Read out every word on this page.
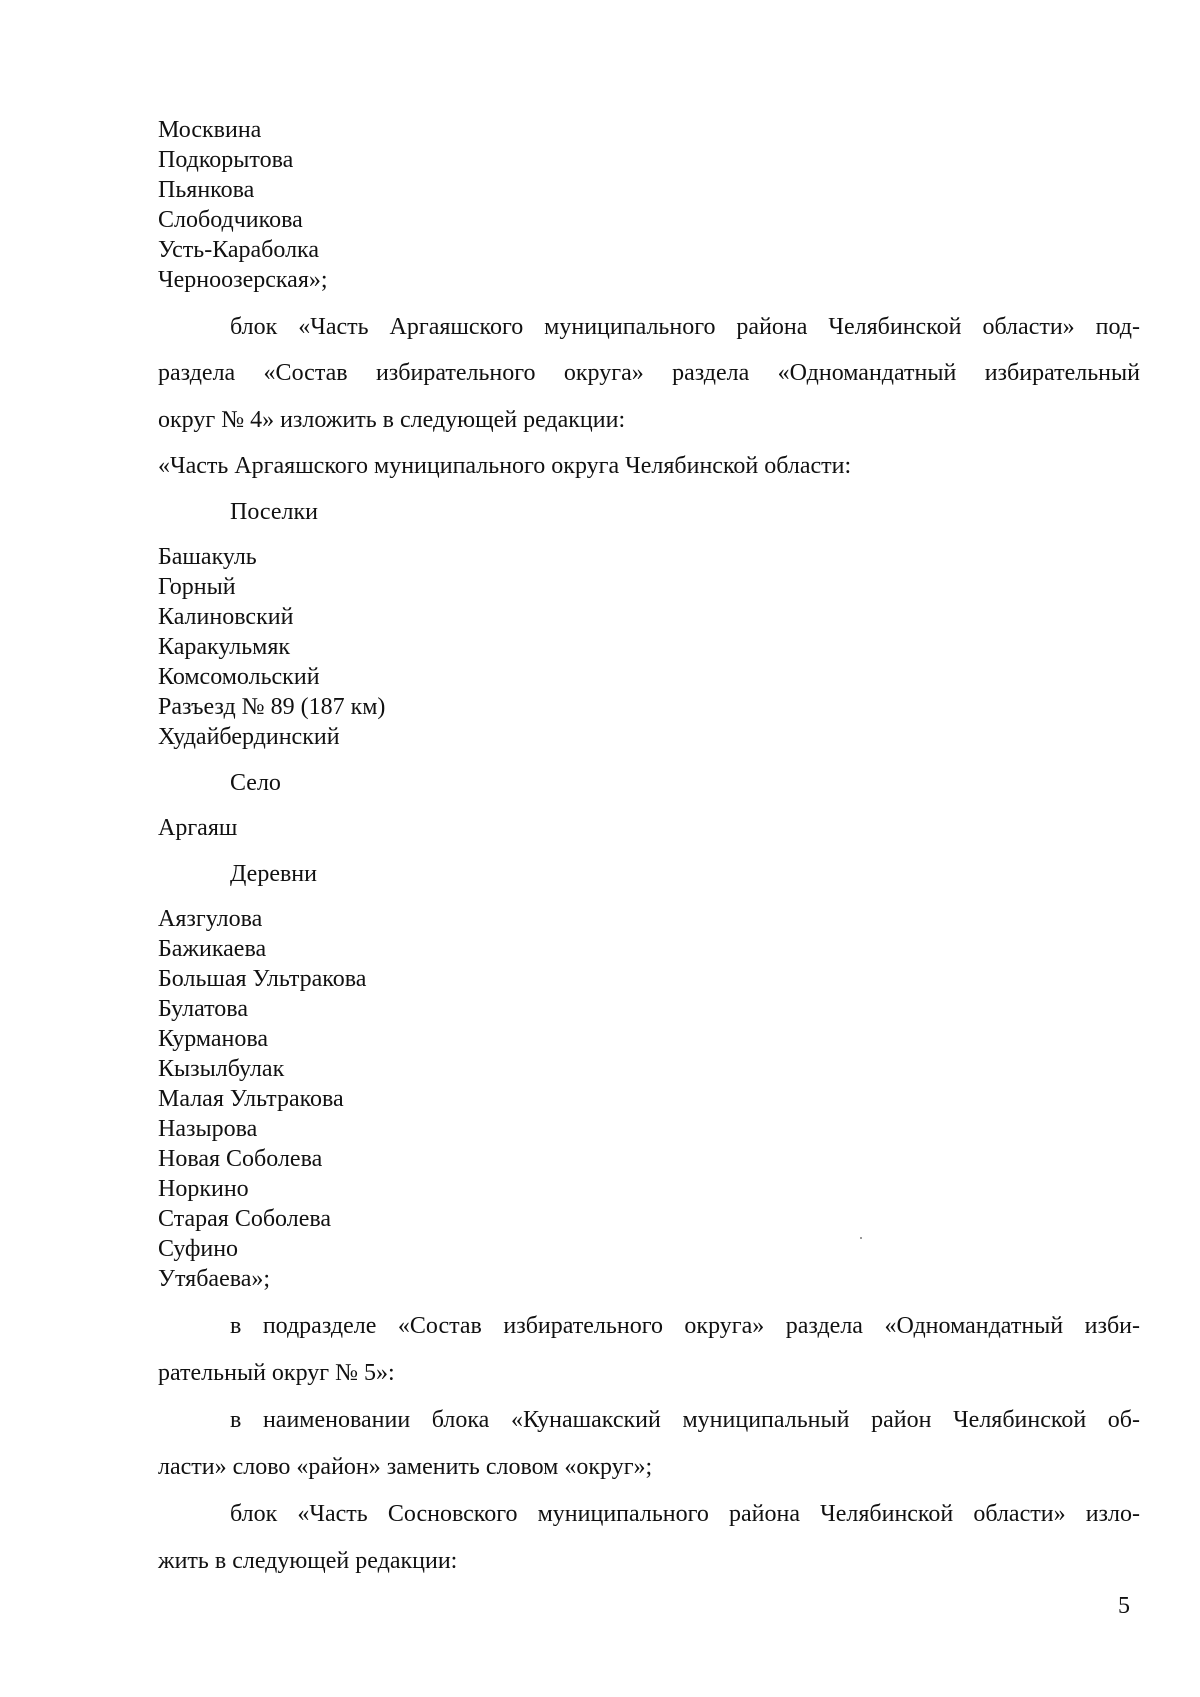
Москвина
Подкорытова
Пьянкова
Слободчикова
Усть-Караболка
Черноозерская»;
блок «Часть Аргаяшского муниципального района Челябинской области» под-
раздела «Состав избирательного округа» раздела «Одномандатный избирательный
округ № 4» изложить в следующей редакции:
«Часть Аргаяшского муниципального округа Челябинской области:
Поселки
Башакуль
Горный
Калиновский
Каракульмяк
Комсомольский
Разъезд № 89 (187 км)
Худайбердинский
Село
Аргаяш
Деревни
Аязгулова
Бажикаева
Большая Ультракова
Булатова
Курманова
Кызылбулак
Малая Ультракова
Назырова
Новая Соболева
Норкино
Старая Соболева
Суфино
Утябаева»;
в подразделе «Состав избирательного округа» раздела «Одномандатный изби-
рательный округ № 5»:
в наименовании блока «Кунашакский муниципальный район Челябинской об-
ласти» слово «район» заменить словом «округ»;
блок «Часть Сосновского муниципального района Челябинской области» изло-
жить в следующей редакции:
5
